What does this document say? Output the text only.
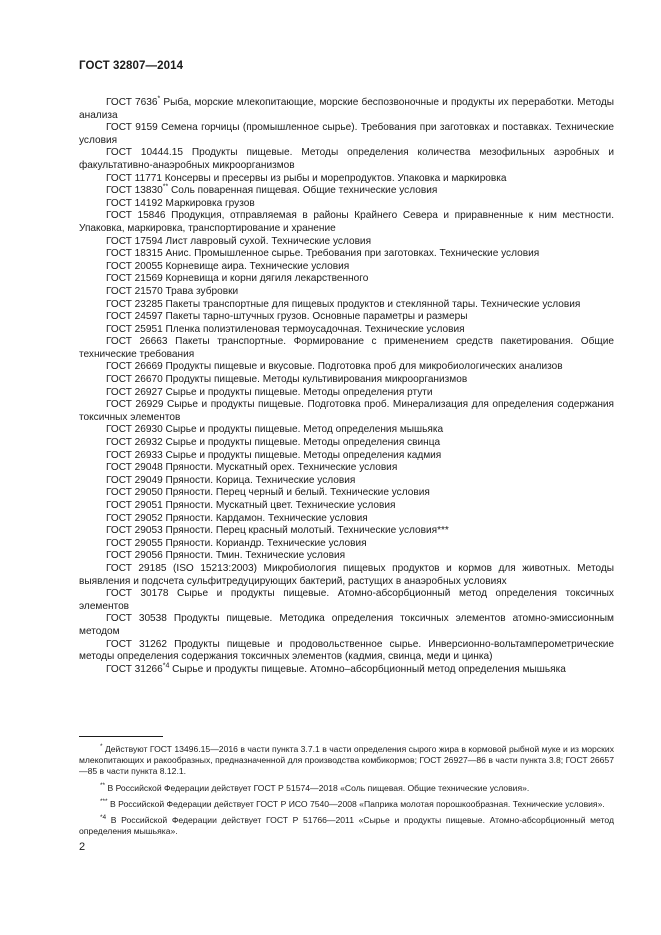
ГОСТ 32807—2014

ГОСТ 7636* Рыба, морские млекопитающие, морские беспозвоночные и продукты их переработки. Методы анализа

ГОСТ 9159 Семена горчицы (промышленное сырье). Требования при заготовках и поставках. Технические условия

ГОСТ 10444.15 Продукты пищевые. Методы определения количества мезофильных аэробных и факультативно-анаэробных микроорганизмов

ГОСТ 11771 Консервы и пресервы из рыбы и морепродуктов. Упаковка и маркировка

ГОСТ 13830** Соль поваренная пищевая. Общие технические условия

ГОСТ 14192 Маркировка грузов

ГОСТ 15846 Продукция, отправляемая в районы Крайнего Севера и приравненные к ним местности. Упаковка, маркировка, транспортирование и хранение

ГОСТ 17594 Лист лавровый сухой. Технические условия

ГОСТ 18315 Анис. Промышленное сырье. Требования при заготовках. Технические условия

ГОСТ 20055 Корневище аира. Технические условия

ГОСТ 21569 Корневища и корни дягиля лекарственного

ГОСТ 21570 Трава зубровки

ГОСТ 23285 Пакеты транспортные для пищевых продуктов и стеклянной тары. Технические условия

ГОСТ 24597 Пакеты тарно-штучных грузов. Основные параметры и размеры

ГОСТ 25951 Пленка полиэтиленовая термоусадочная. Технические условия

ГОСТ 26663 Пакеты транспортные. Формирование с применением средств пакетирования. Общие технические требования

ГОСТ 26669 Продукты пищевые и вкусовые. Подготовка проб для микробиологических анализов

ГОСТ 26670 Продукты пищевые. Методы культивирования микроорганизмов

ГОСТ 26927 Сырье и продукты пищевые. Методы определения ртути

ГОСТ 26929 Сырье и продукты пищевые. Подготовка проб. Минерализация для определения содержания токсичных элементов

ГОСТ 26930 Сырье и продукты пищевые. Метод определения мышьяка

ГОСТ 26932 Сырье и продукты пищевые. Методы определения свинца

ГОСТ 26933 Сырье и продукты пищевые. Методы определения кадмия

ГОСТ 29048 Пряности. Мускатный орех. Технические условия

ГОСТ 29049 Пряности. Корица. Технические условия

ГОСТ 29050 Пряности. Перец черный и белый. Технические условия

ГОСТ 29051 Пряности. Мускатный цвет. Технические условия

ГОСТ 29052 Пряности. Кардамон. Технические условия

ГОСТ 29053 Пряности. Перец красный молотый. Технические условия***

ГОСТ 29055 Пряности. Кориандр. Технические условия

ГОСТ 29056 Пряности. Тмин. Технические условия

ГОСТ 29185 (ISO 15213:2003) Микробиология пищевых продуктов и кормов для животных. Методы выявления и подсчета сульфитредуцирующих бактерий, растущих в анаэробных условиях

ГОСТ 30178 Сырье и продукты пищевые. Атомно-абсорбционный метод определения токсичных элементов

ГОСТ 30538 Продукты пищевые. Методика определения токсичных элементов атомно-эмиссионным методом

ГОСТ 31262 Продукты пищевые и продовольственное сырье. Инверсионно-вольтамперометрические методы определения содержания токсичных элементов (кадмия, свинца, меди и цинка)

ГОСТ 31266$^{*4}$ Сырье и продукты пищевые. Атомно–абсорбционный метод определения мышьяка

* Действуют ГОСТ 13496.15—2016 в части пункта 3.7.1 в части определения сырого жира в кормовой рыбной муке и из морских млекопитающих и ракообразных, предназначенной для производства комбикормов; ГОСТ 26927—86 в части пункта 3.8; ГОСТ 26657—85 в части пункта 8.12.1.

** В Российской Федерации действует ГОСТ Р 51574—2018 «Соль пищевая. Общие технические условия».

*** В Российской Федерации действует ГОСТ Р ИСО 7540—2008 «Паприка молотая порошкообразная. Технические условия».

$^{*4}$ В Российской Федерации действует ГОСТ Р 51766—2011 «Сырье и продукты пищевые. Атомно-абсорбционный метод определения мышьяка».

2
